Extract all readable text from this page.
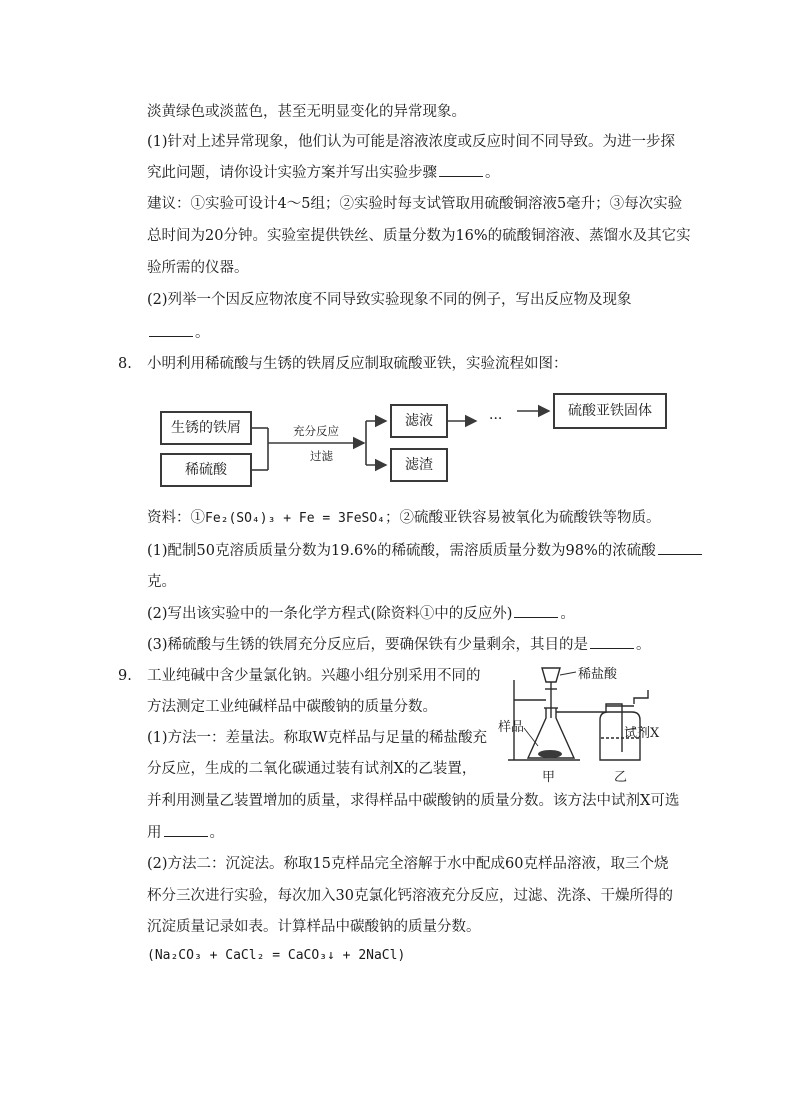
淡黄绿色或淡蓝色，甚至无明显变化的异常现象。
(1)针对上述异常现象，他们认为可能是溶液浓度或反应时间不同导致。为进一步探
究此问题，请你设计实验方案并写出实验步骤	。
建议：①实验可设计4～5组；②实验时每支试管取用硫酸铜溶液5毫升；③每次实验
总时间为20分钟。实验室提供铁丝、质量分数为16%的硫酸铜溶液、蒸馏水及其它实
验所需的仪器。
(2)列举一个因反应物浓度不同导致实验现象不同的例子，写出反应物及现象
。
8. 小明利用稀硫酸与生锈的铁屑反应制取硫酸亚铁，实验流程如图：
生锈的铁屑
稀硫酸
滤液
滤渣
硫酸亚铁固体
充分反应
过滤
···
资料：①Fe₂(SO₄)₃ + Fe = 3FeSO₄；②硫酸亚铁容易被氧化为硫酸铁等物质。
(1)配制50克溶质质量分数为19.6%的稀硫酸，需溶质质量分数为98%的浓硫酸
克。
(2)写出该实验中的一条化学方程式(除资料①中的反应外)	。
(3)稀硫酸与生锈的铁屑充分反应后，要确保铁有少量剩余，其目的是	。
9. 工业纯碱中含少量氯化钠。兴趣小组分别采用不同的
方法测定工业纯碱样品中碳酸钠的质量分数。
(1)方法一：差量法。称取W克样品与足量的稀盐酸充
分反应，生成的二氧化碳通过装有试剂X的乙装置，
并利用测量乙装置增加的质量，求得样品中碳酸钠的质量分数。该方法中试剂X可选
用	。
(2)方法二：沉淀法。称取15克样品完全溶解于水中配成60克样品溶液，取三个烧
杯分三次进行实验，每次加入30克氯化钙溶液充分反应，过滤、洗涤、干燥所得的
沉淀质量记录如表。计算样品中碳酸钠的质量分数。
(Na₂CO₃ + CaCl₂ = CaCO₃↓ + 2NaCl)
稀盐酸
样品	试剂X
甲	乙
